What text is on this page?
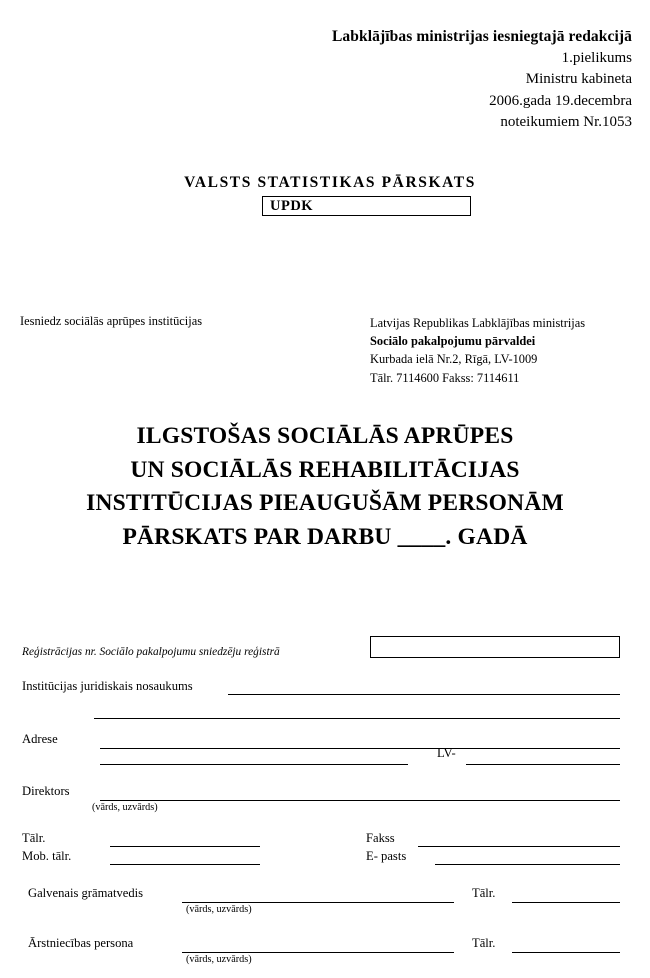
Labklājības ministrijas iesniegtajā redakcijā
1.pielikums
Ministru kabineta
2006.gada 19.decembra
noteikumiem Nr.1053
VALSTS STATISTIKAS PĀRSKATS
UPDK
Iesniedz sociālās aprūpes institūcijas	Latvijas Republikas Labklājības ministrijas
Sociālo pakalpojumu pārvaldei
Kurbada ielā Nr.2, Rīgā, LV-1009
Tālr. 7114600 Fakss: 7114611
ILGSTOŠAS SOCIĀLĀS APRŪPES
UN SOCIĀLĀS REHABILITĀCIJAS
INSTITŪCIJAS PIEAUGUŠĀM PERSONĀM
PĀRSKATS PAR DARBU ____. GADĀ
Reģistrācijas nr. Sociālo pakalpojumu sniedzēju reģistrā
Institūcijas juridiskais nosaukums
Adrese
LV-
Direktors
(vārds, uzvārds)
Tālr.	Fakss
Mob. tālr.	E- pasts
Galvenais grāmatvedis
(vārds, uzvārds)
Tālr.
Ārstniecības persona
(vārds, uzvārds)
Tālr.
